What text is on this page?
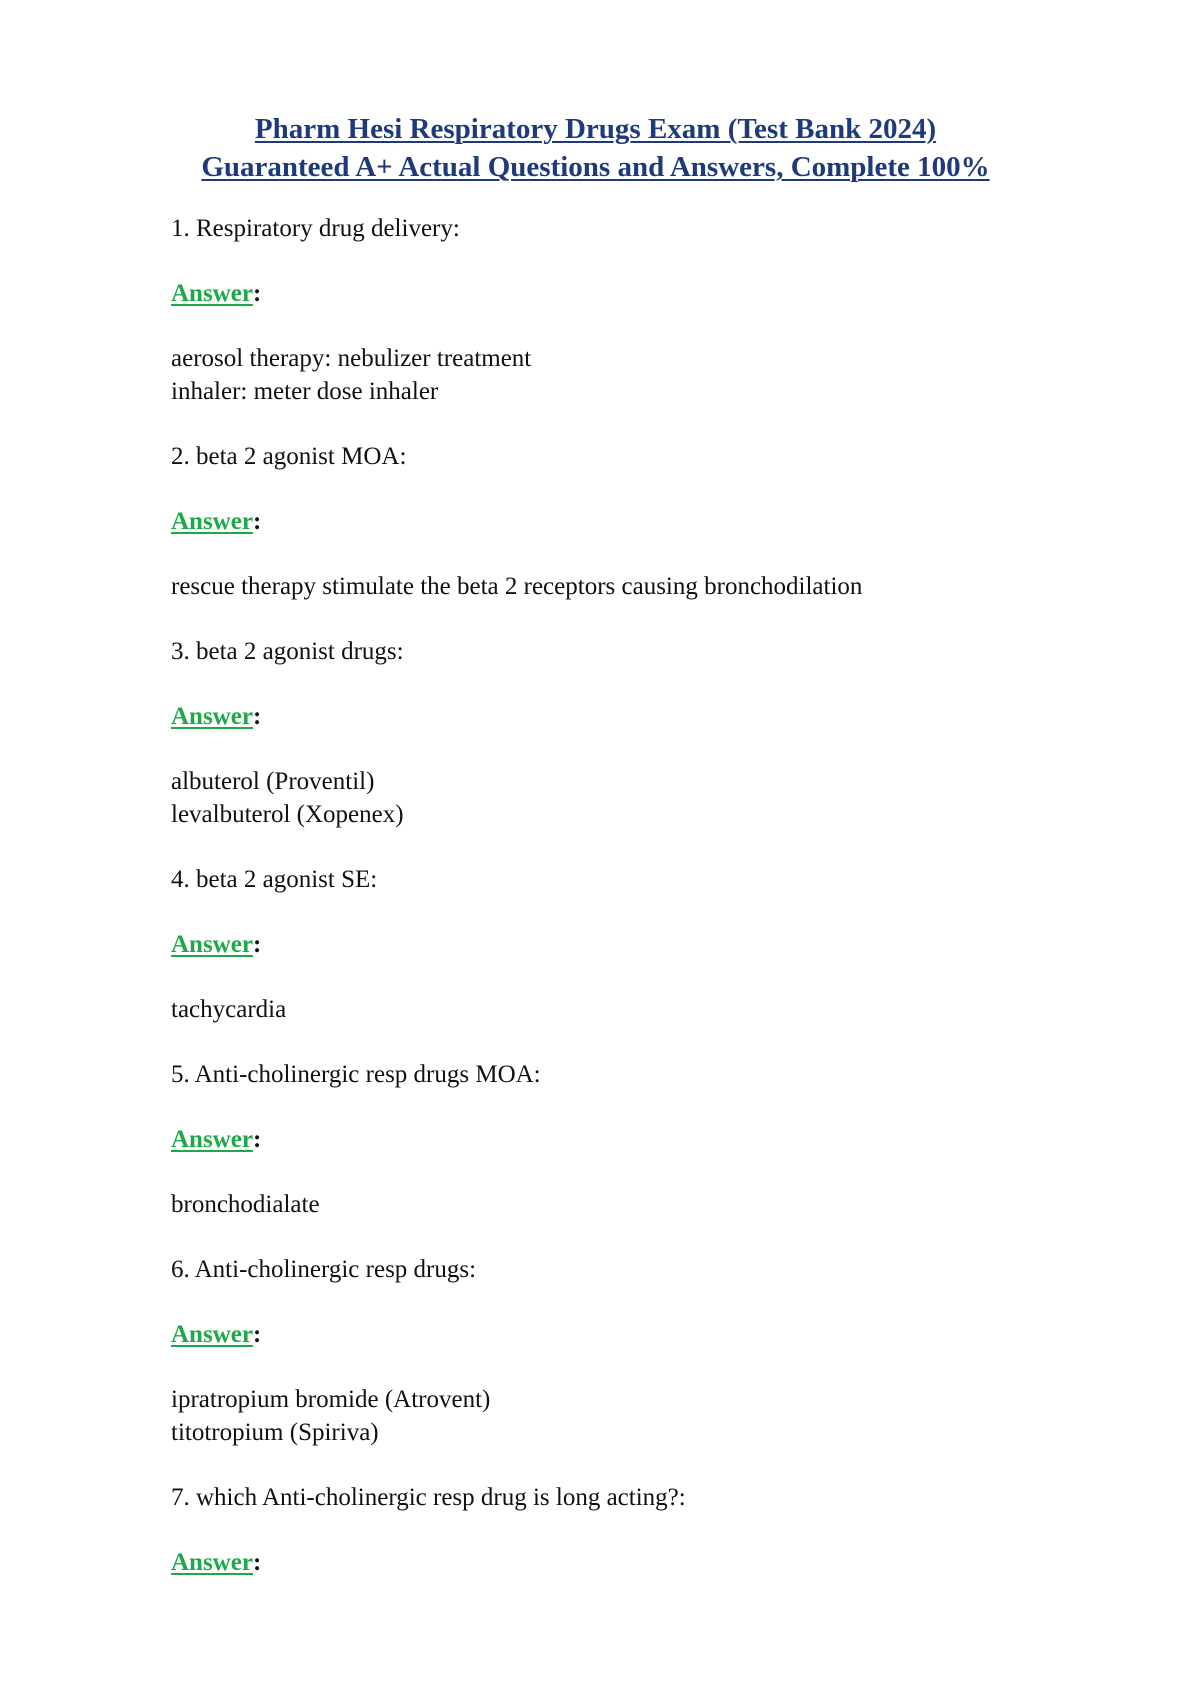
Pharm Hesi Respiratory Drugs Exam (Test Bank 2024)
Guaranteed A+ Actual Questions and Answers, Complete 100%
1. Respiratory drug delivery:
Answer:
aerosol therapy: nebulizer treatment
inhaler: meter dose inhaler
2. beta 2 agonist MOA:
Answer:
rescue therapy stimulate the beta 2 receptors causing bronchodilation
3. beta 2 agonist drugs:
Answer:
albuterol (Proventil)
levalbuterol (Xopenex)
4. beta 2 agonist SE:
Answer:
tachycardia
5. Anti-cholinergic resp drugs MOA:
Answer:
bronchodialate
6. Anti-cholinergic resp drugs:
Answer:
ipratropium bromide (Atrovent)
titotropium (Spiriva)
7. which Anti-cholinergic resp drug is long acting?:
Answer:
